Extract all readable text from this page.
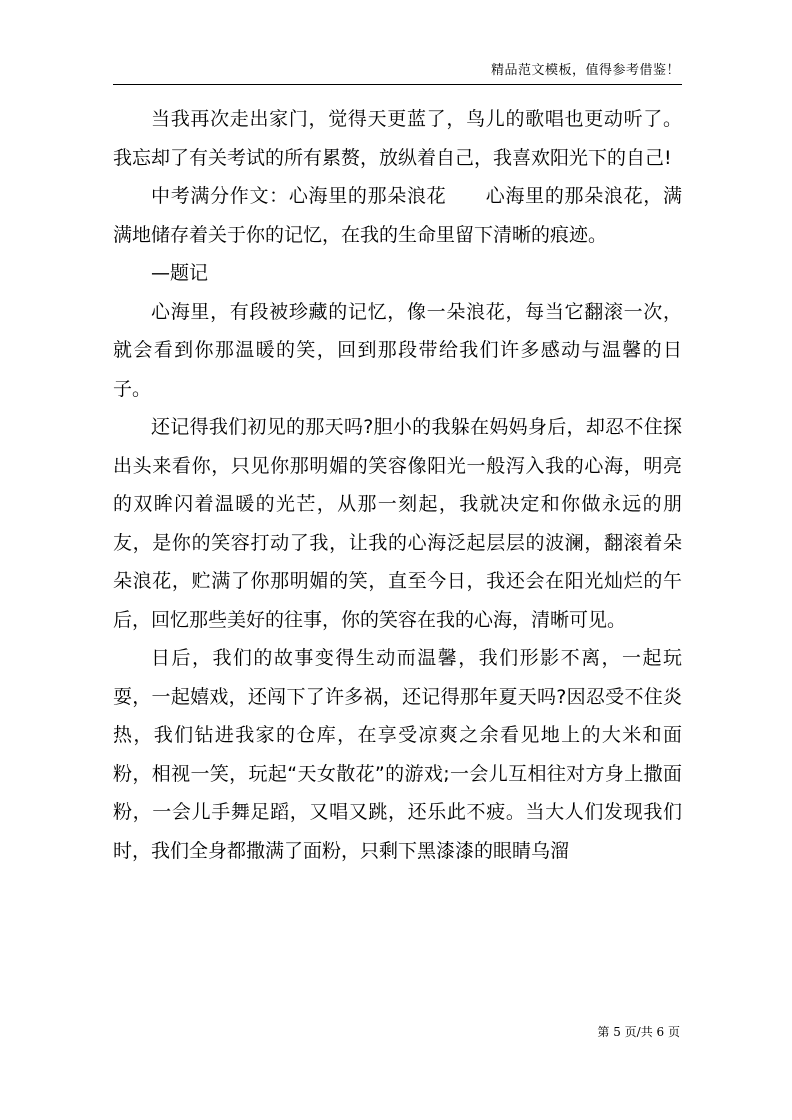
精品范文模板，值得参考借鉴！

当我再次走出家门，觉得天更蓝了，鸟儿的歌唱也更动听了。我忘却了有关考试的所有累赘，放纵着自己，我喜欢阳光下的自己!

中考满分作文：心海里的那朵浪花　　心海里的那朵浪花，满满地储存着关于你的记忆，在我的生命里留下清晰的痕迹。

—题记

心海里，有段被珍藏的记忆，像一朵浪花，每当它翻滚一次，就会看到你那温暖的笑，回到那段带给我们许多感动与温馨的日子。

还记得我们初见的那天吗?胆小的我躲在妈妈身后，却忍不住探出头来看你，只见你那明媚的笑容像阳光一般泻入我的心海，明亮的双眸闪着温暖的光芒，从那一刻起，我就决定和你做永远的朋友，是你的笑容打动了我，让我的心海泛起层层的波澜，翻滚着朵朵浪花，贮满了你那明媚的笑，直至今日，我还会在阳光灿烂的午后，回忆那些美好的往事，你的笑容在我的心海，清晰可见。

日后，我们的故事变得生动而温馨，我们形影不离，一起玩耍，一起嬉戏，还闯下了许多祸，还记得那年夏天吗?因忍受不住炎热，我们钻进我家的仓库，在享受凉爽之余看见地上的大米和面粉，相视一笑，玩起“天女散花”的游戏;一会儿互相往对方身上撒面粉，一会儿手舞足蹈，又唱又跳，还乐此不疲。当大人们发现我们时，我们全身都撒满了面粉，只剩下黑漆漆的眼睛乌溜

第 5 页/共 6 页
